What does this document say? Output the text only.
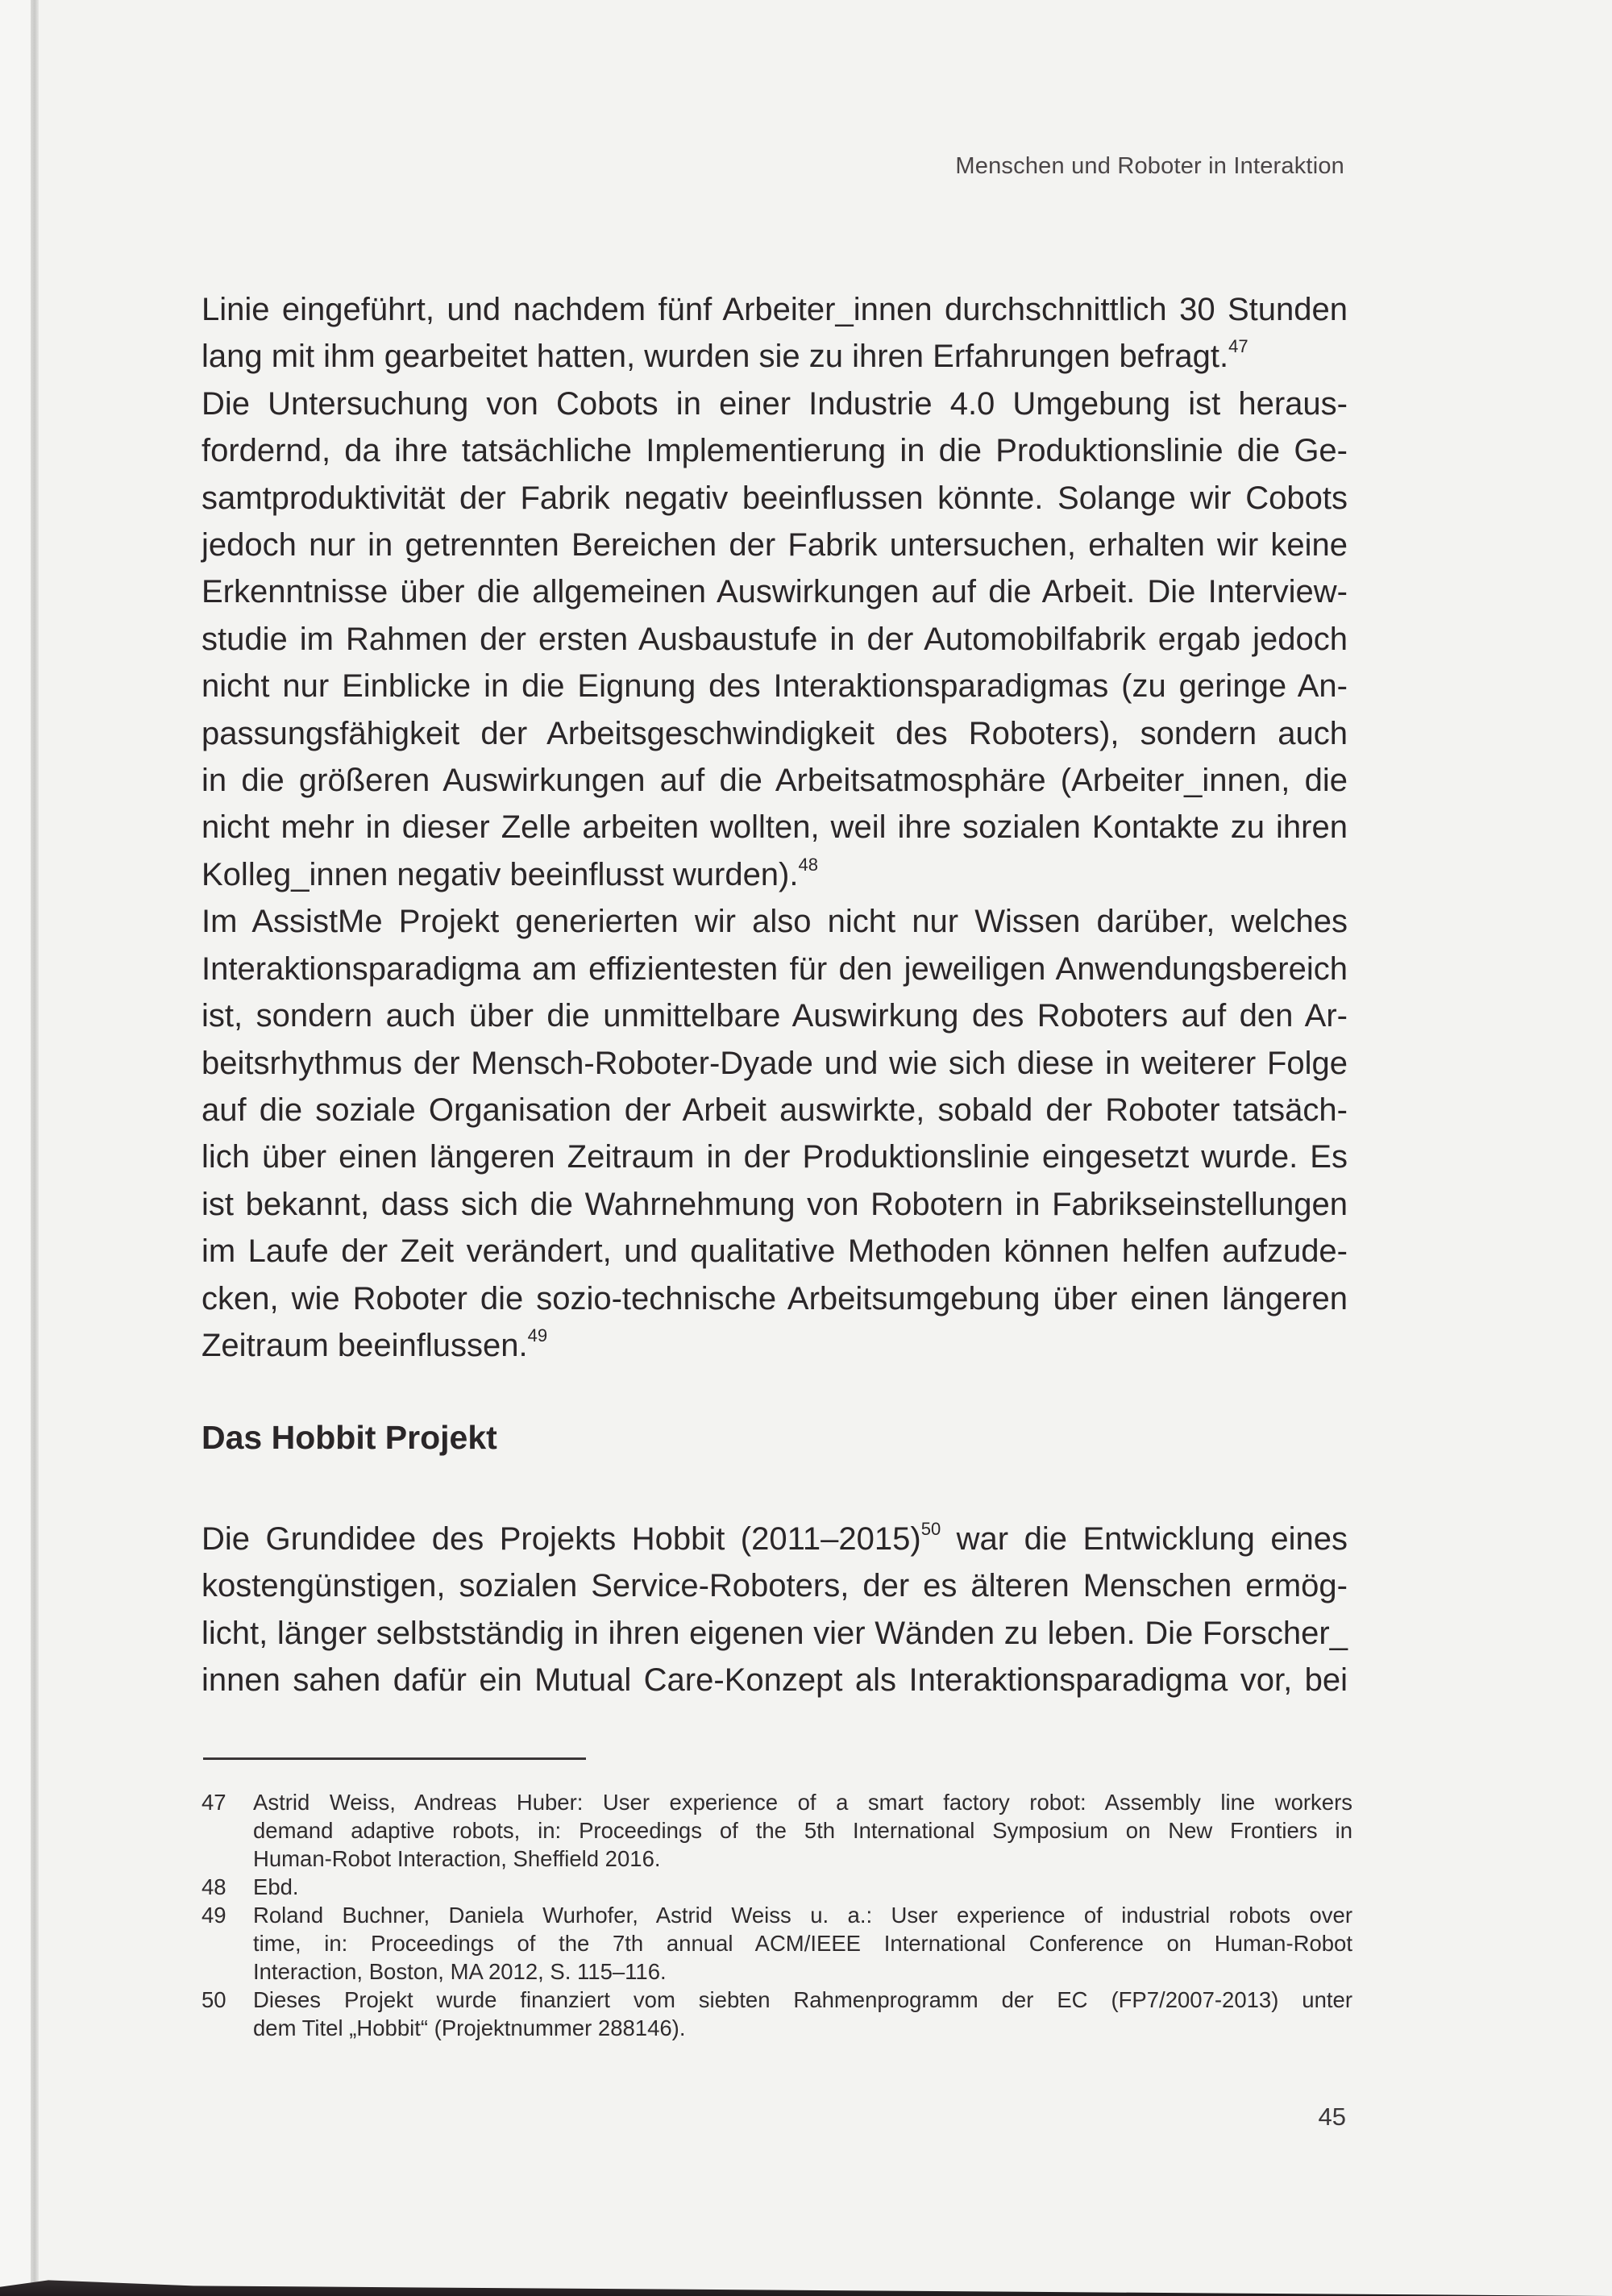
Menschen und Roboter in Interaktion
Linie eingeführt, und nachdem fünf Arbeiter_innen durchschnittlich 30 Stunden
lang mit ihm gearbeitet hatten, wurden sie zu ihren Erfahrungen befragt.$^{47}$
Die Untersuchung von Cobots in einer Industrie 4.0 Umgebung ist heraus-
fordernd, da ihre tatsächliche Implementierung in die Produktionslinie die Ge-
samtproduktivität der Fabrik negativ beeinflussen könnte. Solange wir Cobots
jedoch nur in getrennten Bereichen der Fabrik untersuchen, erhalten wir keine
Erkenntnisse über die allgemeinen Auswirkungen auf die Arbeit. Die Interview-
studie im Rahmen der ersten Ausbaustufe in der Automobilfabrik ergab jedoch
nicht nur Einblicke in die Eignung des Interaktionsparadigmas (zu geringe An-
passungsfähigkeit der Arbeitsgeschwindigkeit des Roboters), sondern auch
in die größeren Auswirkungen auf die Arbeitsatmosphäre (Arbeiter_innen, die
nicht mehr in dieser Zelle arbeiten wollten, weil ihre sozialen Kontakte zu ihren
Kolleg_innen negativ beeinflusst wurden).$^{48}$
Im AssistMe Projekt generierten wir also nicht nur Wissen darüber, welches
Interaktionsparadigma am effizientesten für den jeweiligen Anwendungsbereich
ist, sondern auch über die unmittelbare Auswirkung des Roboters auf den Ar-
beitsrhythmus der Mensch-Roboter-Dyade und wie sich diese in weiterer Folge
auf die soziale Organisation der Arbeit auswirkte, sobald der Roboter tatsäch-
lich über einen längeren Zeitraum in der Produktionslinie eingesetzt wurde. Es
ist bekannt, dass sich die Wahrnehmung von Robotern in Fabrikseinstellungen
im Laufe der Zeit verändert, und qualitative Methoden können helfen aufzude-
cken, wie Roboter die sozio-technische Arbeitsumgebung über einen längeren
Zeitraum beeinflussen.$^{49}$
Das Hobbit Projekt
Die Grundidee des Projekts Hobbit (2011–2015)$^{50}$ war die Entwicklung eines
kostengünstigen, sozialen Service-Roboters, der es älteren Menschen ermög-
licht, länger selbstständig in ihren eigenen vier Wänden zu leben. Die Forscher_
innen sahen dafür ein Mutual Care-Konzept als Interaktionsparadigma vor, bei
47 Astrid Weiss, Andreas Huber: User experience of a smart factory robot: Assembly line workers
demand adaptive robots, in: Proceedings of the 5th International Symposium on New Frontiers in
Human-Robot Interaction, Sheffield 2016.
48 Ebd.
49 Roland Buchner, Daniela Wurhofer, Astrid Weiss u. a.: User experience of industrial robots over
time, in: Proceedings of the 7th annual ACM/IEEE International Conference on Human-Robot
Interaction, Boston, MA 2012, S. 115–116.
50 Dieses Projekt wurde finanziert vom siebten Rahmenprogramm der EC (FP7/2007-2013) unter
dem Titel „Hobbit“ (Projektnummer 288146).
45
